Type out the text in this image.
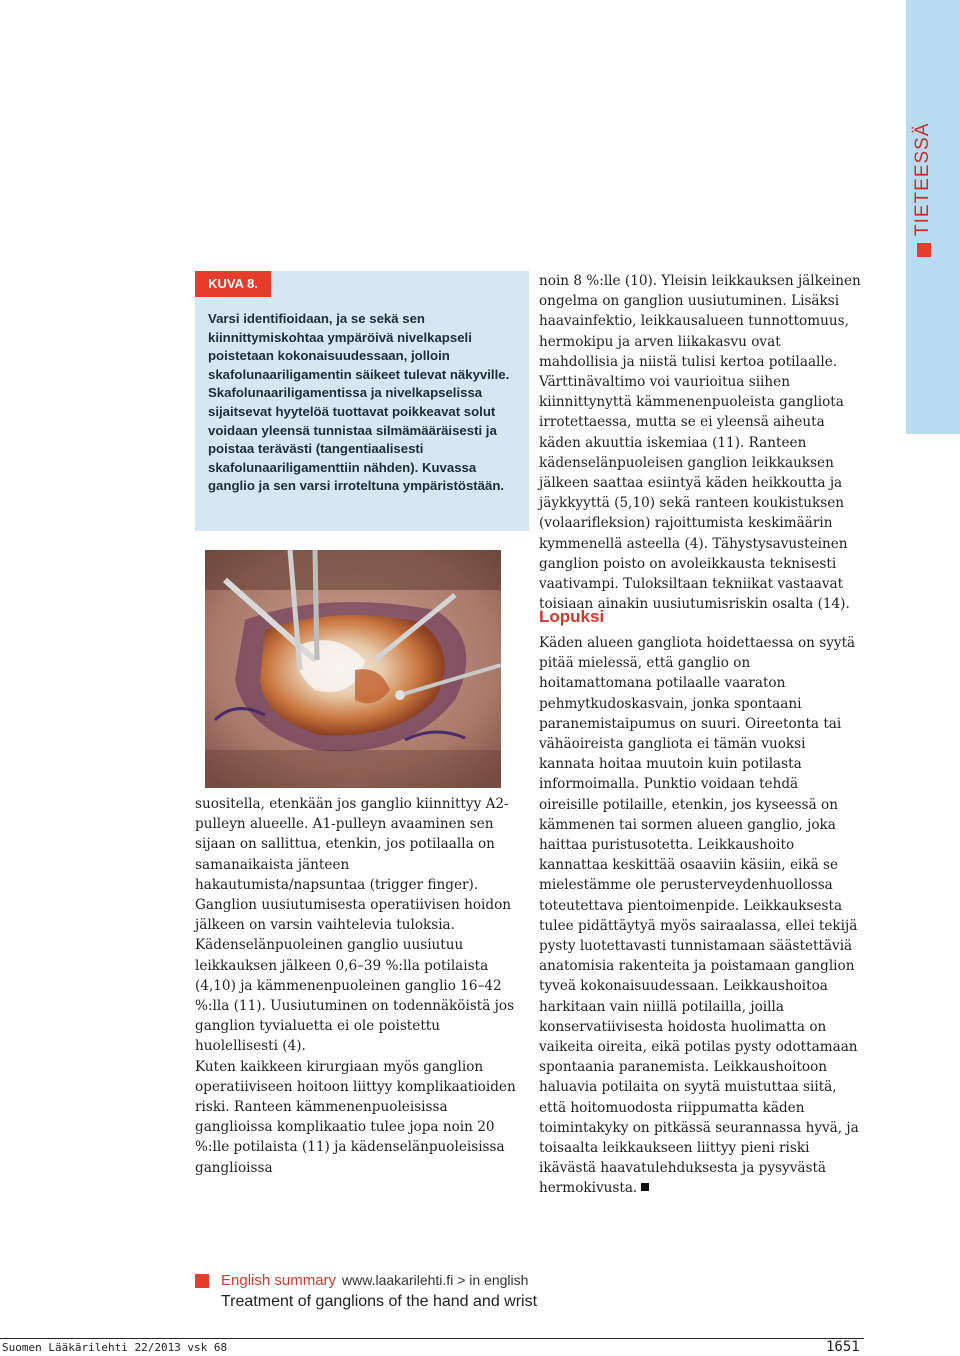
TIETEESSÄ
KUVA 8.

Varsi identifioidaan, ja se sekä sen kiinnittymiskohtaa ympäröivä nivelkapseli poistetaan kokonaisuudessaan, jolloin skafolunaariligamentin säikeet tulevat näkyville. Skafolunaariligamentissa ja nivelkapselissa sijaitsevat hyytelöä tuottavat poikkeavat solut voidaan yleensä tunnistaa silmämääräisesti ja poistaa terävästi (tangentiaalisesti skafolunaariligamenttiin nähden). Kuvassa ganglio ja sen varsi irroteltuna ympäristöstään.

suositella, etenkään jos ganglio kiinnittyy A2-pulleyn alueelle. A1-pulleyn avaaminen sen sijaan on sallittua, etenkin, jos potilaalla on samanaikaista jänteen hakautumista/napsuntaa (trigger finger).

Ganglion uusiutumisesta operatiivisen hoidon jälkeen on varsin vaihtelevia tuloksia. Kädenselänpuoleinen ganglio uusiutuu leikkauksen jälkeen 0,6–39 %:lla potilaista (4,10) ja kämmenenpuoleinen ganglio 16–42 %:lla (11). Uusiutuminen on todennäköistä jos ganglion tyvialuetta ei ole poistettu huolellisesti (4).

Kuten kaikkeen kirurgiaan myös ganglion operatiiviseen hoitoon liittyy komplikaatioiden riski. Ranteen kämmenenpuoleisissa ganglioissa komplikaatio tulee jopa noin 20 %:lle potilaista (11) ja kädenselänpuoleisissa ganglioissa

noin 8 %:lle (10). Yleisin leikkauksen jälkeinen ongelma on ganglion uusiutuminen. Lisäksi haavainfektio, leikkausalueen tunnottomuus, hermokipu ja arven liikakasvu ovat mahdollisia ja niistä tulisi kertoa potilaalle. Värttinävaltimo voi vaurioitua siihen kiinnittynyttä kämmenenpuoleista gangliota irrotettaessa, mutta se ei yleensä aiheuta käden akuuttia iskemiaa (11). Ranteen kädenselänpuoleisen ganglion leikkauksen jälkeen saattaa esiintyä käden heikkoutta ja jäykkyyttä (5,10) sekä ranteen koukistuksen (volaarifleksion) rajoittumista keskimäärin kymmenellä asteella (4). Tähystysavusteinen ganglion poisto on avoleikkausta teknisesti vaativampi. Tuloksiltaan tekniikat vastaavat toisiaan ainakin uusiutumisriskin osalta (14).

Lopuksi

Käden alueen gangliota hoidettaessa on syytä pitää mielessä, että ganglio on hoitamattomana potilaalle vaaraton pehmytkudoskasvain, jonka spontaani paranemistaipumus on suuri. Oireetonta tai vähäoireista gangliota ei tämän vuoksi kannata hoitaa muutoin kuin potilasta informoimalla. Punktio voidaan tehdä oireisille potilaille, etenkin, jos kyseessä on kämmenen tai sormen alueen ganglio, joka haittaa puristusotetta. Leikkaushoito kannattaa keskittää osaaviin käsiin, eikä se mielestämme ole perusterveydenhuollossa toteutettava pientoimenpide. Leikkauksesta tulee pidättäytyä myös sairaalassa, ellei tekijä pysty luotettavasti tunnistamaan säästettäviä anatomisia rakenteita ja poistamaan ganglion tyveä kokonaisuudessaan. Leikkaushoitoa harkitaan vain niillä potilailla, joilla konservatiivisesta hoidosta huolimatta on vaikeita oireita, eikä potilas pysty odottamaan spontaania paranemista. Leikkaushoitoon haluavia potilaita on syytä muistuttaa siitä, että hoitomuodosta riippumatta käden toimintakyky on pitkässä seurannassa hyvä, ja toisaalta leikkaukseen liittyy pieni riski ikävästä haavatulehduksesta ja pysyvästä hermokivusta.

English summary www.laakarilehti.fi > in english

Treatment of ganglions of the hand and wrist

Suomen Lääkärilehti 22/2013 vsk 68	1651
